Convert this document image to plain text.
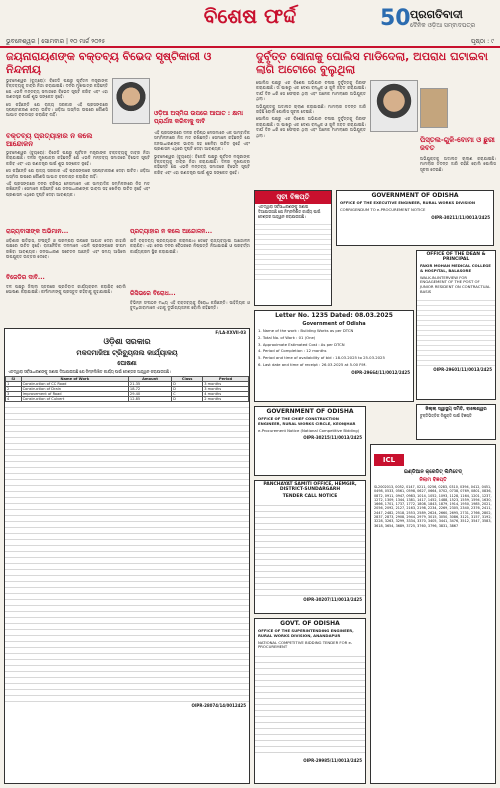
ବିଶେଷ ଫର୍ଦ୍ଦ	50 ପ୍ରଗତିବାଦୀ
ଦୈନିକ ଓଡ଼ିଆ ସମ୍ବାଦପତ୍ର
ଭୁବନେଶ୍ୱର | ସୋମବାର | ୧୦ ମାର୍ଚ୍ଚ ୨୦୨୫	ପୃଷ୍ଠା : ୯
ଜୟନାରାୟଣଙ୍କ ବକ୍ତବ୍ୟ ବିଭେଦ ସୃଷ୍ଟିକାରୀ ଓ ନିନ୍ଦନୀୟ
ଦୁର୍ବୃତ୍ତ ସୋନାକୁ ପୋଲିସ ମାଡିଦେଲା, ଅପରାଧ ଘଟାଇବା ଲାଗି ଅଟୋରେ ବୁଲୁଥିଲା

ଭୁବନେଶ୍ୱର (ବ୍ୟୁରୋ): ବିଜେଡି ପକ୍ଷରୁ ପୂର୍ବତନ ମନ୍ତ୍ରୀଙ୍କ ବକ୍ତବ୍ୟକୁ ତୀବ୍ର ନିନ୍ଦା କରାଯାଇଛି। ଦଳର ମୁଖପାତ୍ର କହିଛନ୍ତି ଯେ ଏଭଳି ମନ୍ତବ୍ୟ ସମାଜରେ ବିଭେଦ ସୃଷ୍ଟି କରିବ ଏବଂ ଏହା ଗଣତନ୍ତ୍ର ପାଇଁ ଶୁଭ ସଙ୍କେତ ନୁହେଁ।

ସେ କହିଛନ୍ତି ଯେ ରାଜ୍ୟ ସରକାର ଏହି ପ୍ରସଙ୍ଗରେ ସ୍ପଷ୍ଟୀକରଣ ଦେବା ଉଚିତ। ଓଡ଼ିଆ ଅସ୍ମିତା ଉପରେ କୌଣସି ଆଘାତ ବରଦାସ୍ତ କରାଯିବ ନାହିଁ।

ବକ୍ତବ୍ୟ ପ୍ରତ୍ୟାହାର ନ କଲେ ଆନ୍ଦୋଳନ

ଭୁବନେଶ୍ୱର (ବ୍ୟୁରୋ): ବିଜେଡି ପକ୍ଷରୁ ପୂର୍ବତନ ମନ୍ତ୍ରୀଙ୍କ ବକ୍ତବ୍ୟକୁ ତୀବ୍ର ନିନ୍ଦା କରାଯାଇଛି। ଦଳର ମୁଖପାତ୍ର କହିଛନ୍ତି ଯେ ଏଭଳି ମନ୍ତବ୍ୟ ସମାଜରେ ବିଭେଦ ସୃଷ୍ଟି କରିବ ଏବଂ ଏହା ଗଣତନ୍ତ୍ର ପାଇଁ ଶୁଭ ସଙ୍କେତ ନୁହେଁ।

ସେ କହିଛନ୍ତି ଯେ ରାଜ୍ୟ ସରକାର ଏହି ପ୍ରସଙ୍ଗରେ ସ୍ପଷ୍ଟୀକରଣ ଦେବା ଉଚିତ। ଓଡ଼ିଆ ଅସ୍ମିତା ଉପରେ କୌଣସି ଆଘାତ ବରଦାସ୍ତ କରାଯିବ ନାହିଁ।

ଏହି ପ୍ରସଙ୍ଗରେ ଦଳର ବରିଷ୍ଠ ନେତାମାନେ ଏକ ସାମ୍ବାଦିକ ସମ୍ମିଳନୀରେ ନିଜ ମତ ରଖିଛନ୍ତି। ସେମାନେ କହିଛନ୍ତି ଯେ ଜନସାଧାରଣଙ୍କ ଭାବନା ସହ ଖେଳିବା ଉଚିତ ନୁହେଁ ଏବଂ ପ୍ରଶାସନ ଏଥିରେ ଦୃଷ୍ଟି ଦେବା ଆବଶ୍ୟକ।

ଓଡ଼ିଆ ଅସ୍ମିତା ଉପରେ ଆଘାତ : କ୍ଷମା ପ୍ରାର୍ଥନା କରିବାକୁ ଦାବି

ଏହି ପ୍ରସଙ୍ଗରେ ଦଳର ବରିଷ୍ଠ ନେତାମାନେ ଏକ ସାମ୍ବାଦିକ ସମ୍ମିଳନୀରେ ନିଜ ମତ ରଖିଛନ୍ତି। ସେମାନେ କହିଛନ୍ତି ଯେ ଜନସାଧାରଣଙ୍କ ଭାବନା ସହ ଖେଳିବା ଉଚିତ ନୁହେଁ ଏବଂ ପ୍ରଶାସନ ଏଥିରେ ଦୃଷ୍ଟି ଦେବା ଆବଶ୍ୟକ।

ଭୁବନେଶ୍ୱର (ବ୍ୟୁରୋ): ବିଜେଡି ପକ୍ଷରୁ ପୂର୍ବତନ ମନ୍ତ୍ରୀଙ୍କ ବକ୍ତବ୍ୟକୁ ତୀବ୍ର ନିନ୍ଦା କରାଯାଇଛି। ଦଳର ମୁଖପାତ୍ର କହିଛନ୍ତି ଯେ ଏଭଳି ମନ୍ତବ୍ୟ ସମାଜରେ ବିଭେଦ ସୃଷ୍ଟି କରିବ ଏବଂ ଏହା ଗଣତନ୍ତ୍ର ପାଇଁ ଶୁଭ ସଙ୍କେତ ନୁହେଁ।

ପୋଲିସ ପକ୍ଷରୁ ଏକ ବିଶେଷ ଅଭିଯାନ ଚଳାଇ ଦୁର୍ବୃତ୍ତକୁ ଗିରଫ କରାଯାଇଛି। ତା ପାଖରୁ ଏକ ଦେଶୀ ବନ୍ଧୁକ ଓ ଗୁଳି ଜବତ କରାଯାଇଛି। ଦୀର୍ଘ ଦିନ ଧରି ସେ ଫେରାର ଥିଲା ଏବଂ ଅନେକ ମାମଲାରେ ଅଭିଯୁକ୍ତ ଥିଲା।

ଅଭିଯୁକ୍ତକୁ ଅଦାଲତ ଚାଲାଣ କରାଯାଇଛି। ମାମଲାର ତଦନ୍ତ ଜାରି ରହିଛି ବୋଲି ପୋଲିସ ସୂଚନା ଦେଇଛି।

ପୋଲିସ ପକ୍ଷରୁ ଏକ ବିଶେଷ ଅଭିଯାନ ଚଳାଇ ଦୁର୍ବୃତ୍ତକୁ ଗିରଫ କରାଯାଇଛି। ତା ପାଖରୁ ଏକ ଦେଶୀ ବନ୍ଧୁକ ଓ ଗୁଳି ଜବତ କରାଯାଇଛି। ଦୀର୍ଘ ଦିନ ଧରି ସେ ଫେରାର ଥିଲା ଏବଂ ଅନେକ ମାମଲାରେ ଅଭିଯୁକ୍ତ ଥିଲା।

ପିସ୍ତଲ-ଗୁଳି-ବୋମା ଓ ଛୁରୀ ଜବତ
ଅଭିଯୁକ୍ତକୁ ଅଦାଲତ ଚାଲାଣ କରାଯାଇଛି। ମାମଲାର ତଦନ୍ତ ଜାରି ରହିଛି ବୋଲି ପୋଲିସ ସୂଚନା ଦେଇଛି।
ରାଜ୍ୟବାସୀଙ୍କ ଅଭିମାନ...
ଓଡ଼ିଶାର ଇତିହାସ, ସଂସ୍କୃତି ଓ ପରମ୍ପରା ଉପରେ ଆଘାତ ଦେବା କାହାରି ପକ୍ଷରେ ଉଚିତ ନୁହେଁ। ରାଜନୈତିକ ଦଳମାନେ ଏଭଳି ପ୍ରସଙ୍ଗରେ ସଂଯମ ରଖିବା ଆବଶ୍ୟକ। ଜନସାଧାରଣ ସଚେତନ ଅଛନ୍ତି ଏବଂ ସମୟ ଆସିଲେ ଉପଯୁକ୍ତ ଉତ୍ତର ଦେବେ।
ବିଜେଡିର ଦାବି...
ଦଳ ପକ୍ଷରୁ ଜିଲ୍ଲା ସ୍ତରରେ ପ୍ରତିବାଦ କାର୍ଯ୍ୟକ୍ରମ କରାଯିବ ବୋଲି ଘୋଷଣା କରାଯାଇଛି। କର୍ମୀମାନଙ୍କୁ ପ୍ରସ୍ତୁତ ରହିବାକୁ କୁହାଯାଇଛି।
ପ୍ରତ୍ୟାହାର ନ କଲେ ଆନ୍ଦୋଳନ...
ଯଦି ବକ୍ତବ୍ୟ ପ୍ରତ୍ୟାହାର କରାନଯାଏ ତେବେ ରାଜ୍ୟବ୍ୟାପୀ ଆନ୍ଦୋଳନ କରାଯିବ। ଏହା ନେଇ ଦଳର ବୈଠକରେ ନିଷ୍ପତ୍ତି ନିଆଯାଇଛି ଓ ପରବର୍ତ୍ତୀ କାର୍ଯ୍ୟକ୍ରମ ସ୍ଥିର କରାଯାଇଛି।
ରିସିଭରେ ବିରୋଧ...
ବିଭିନ୍ନ ସଂଗଠନ ମଧ୍ୟ ଏହି ବକ୍ତବ୍ୟକୁ ବିରୋଧ କରିଛନ୍ତି। ସାହିତ୍ୟିକ ଓ ବୁଦ୍ଧିଜୀବୀମାନେ ଏହାକୁ ଦୁର୍ଭାଗ୍ୟଜନକ ବୋଲି କହିଛନ୍ତି।
F/LA-XXVII-03
ଓଡ଼ିଶା ସରକାର
ମକଦ୍ଦମାଜିଆ ଟ୍ରିବ୍ୟୁନାଲ କାର୍ଯ୍ୟାଳୟ
ଘୋଷଣା
ଏତଦ୍ୱାରା ସର୍ବସାଧାରଣଙ୍କୁ ଜଣାଇ ଦିଆଯାଉଅଛି ଯେ ନିମ୍ନଲିଖିତ କାର୍ଯ୍ୟ ପାଇଁ ଟେଣ୍ଡର ଆହ୍ୱାନ କରାଯାଉଅଛି।
Sl	Name of Work	Amount	Class	Period
1	Construction of CC Road	21.35	D	3 months
2	Construction of Drain	18.72	D	3 months
3	Improvement of Road	29.40	C	4 months
4	Construction of Culvert	12.85	D	2 months
OIPR-28074/14/0012425
ସୂଚୀ ବିଜ୍ଞପ୍ତି
ଏତଦ୍ୱାରା ସର୍ବସାଧାରଣଙ୍କୁ ଜଣାଇ ଦିଆଯାଉଅଛି ଯେ ନିମ୍ନଲିଖିତ କାର୍ଯ୍ୟ ପାଇଁ ଟେଣ୍ଡର ଆହ୍ୱାନ କରାଯାଉଅଛି।
GOVERNMENT OF ODISHA
OFFICE OF THE EXECUTIVE ENGINEER, RURAL WORKS DIVISION
CORRIGENDUM TO e-PROCUREMENT NOTICE
OIPR-30211/11/0013/2425
Letter No. 1235 Dated: 08.03.2025
Government of Odisha
1. Name of the work : Building Works as per DTCN
2. Total No. of Work : 01 (One)
3. Approximate Estimated Cost : As per DTCN
4. Period of Completion : 12 months
5. Period and time of availability of bid : 18.03.2025 to 25.03.2025
6. Last date and time of receipt : 26.03.2025 at 5.00 P.M.
OIPR-29664/11/0012/2425
OFFICE OF THE DEAN & PRINCIPAL
FAKIR MOHAN MEDICAL COLLEGE & HOSPITAL, BALASORE
WALK-IN-INTERVIEW FOR ENGAGEMENT OF THE POST OF JUNIOR RESIDENT ON CONTRACTUAL BASIS
OIPR-29601/11/0013/2425
ଜିଲ୍ଲା ସ୍ୱାସ୍ଥ୍ୟ ସମିତି, ବାଲେଶ୍ୱର
ଚୁକ୍ତିଭିତ୍ତିକ ନିଯୁକ୍ତି ପାଇଁ ବିଜ୍ଞପ୍ତି
ICL
ଇଣ୍ଡିଆନ କ୍ରେଡିଟ୍ ଲିମିଟେଡ୍
ନିଲାମ ବିଜ୍ଞପ୍ତି
SL2002013, 0052, 0147, 0211, 0256, 0283, 0310, 0394, 0412, 0451, 0498, 0533, 0561, 0598, 0627, 0664, 0702, 0738, 0769, 0801, 0836, 0872, 0911, 0947, 0983, 1014, 1052, 1093, 1128, 1164, 1201, 1237, 1272, 1309, 1344, 1381, 1417, 1452, 1488, 1523, 1559, 1594, 1630, 1666, 1701, 1737, 1772, 1808, 1843, 1879, 1914, 1950, 1985, 2021, 2056, 2092, 2127, 2163, 2198, 2234, 2269, 2305, 2340, 2376, 2411, 2447, 2482, 2518, 2553, 2589, 2624, 2660, 2695, 2731, 2766, 2802, 2837, 2873, 2908, 2944, 2979, 3015, 3050, 3086, 3121, 3157, 3192, 3228, 3263, 3299, 3334, 3370, 3405, 3441, 3476, 3512, 3547, 3583, 3618, 3654, 3689, 3725, 3760, 3796, 3831, 3867
GOVERNMENT OF ODISHA
OFFICE OF THE CHIEF CONSTRUCTION ENGINEER, RURAL WORKS CIRCLE, KEONJHAR
e-Procurement Notice (National Competitive Bidding)
OIPR-30215/11/0013/2425
PANCHAYAT SAMITI OFFICE, HEMGIR, DISTRICT-SUNDARGARH
TENDER CALL NOTICE
OIPR-30207/11/0013/2425
GOVT. OF ODISHA
OFFICE OF THE SUPERINTENDING ENGINEER, RURAL WORKS DIVISION, ANANDAPUR
NATIONAL COMPETITIVE BIDDING TENDER FOR e-PROCUREMENT
OIPR-29985/11/0013/2425
